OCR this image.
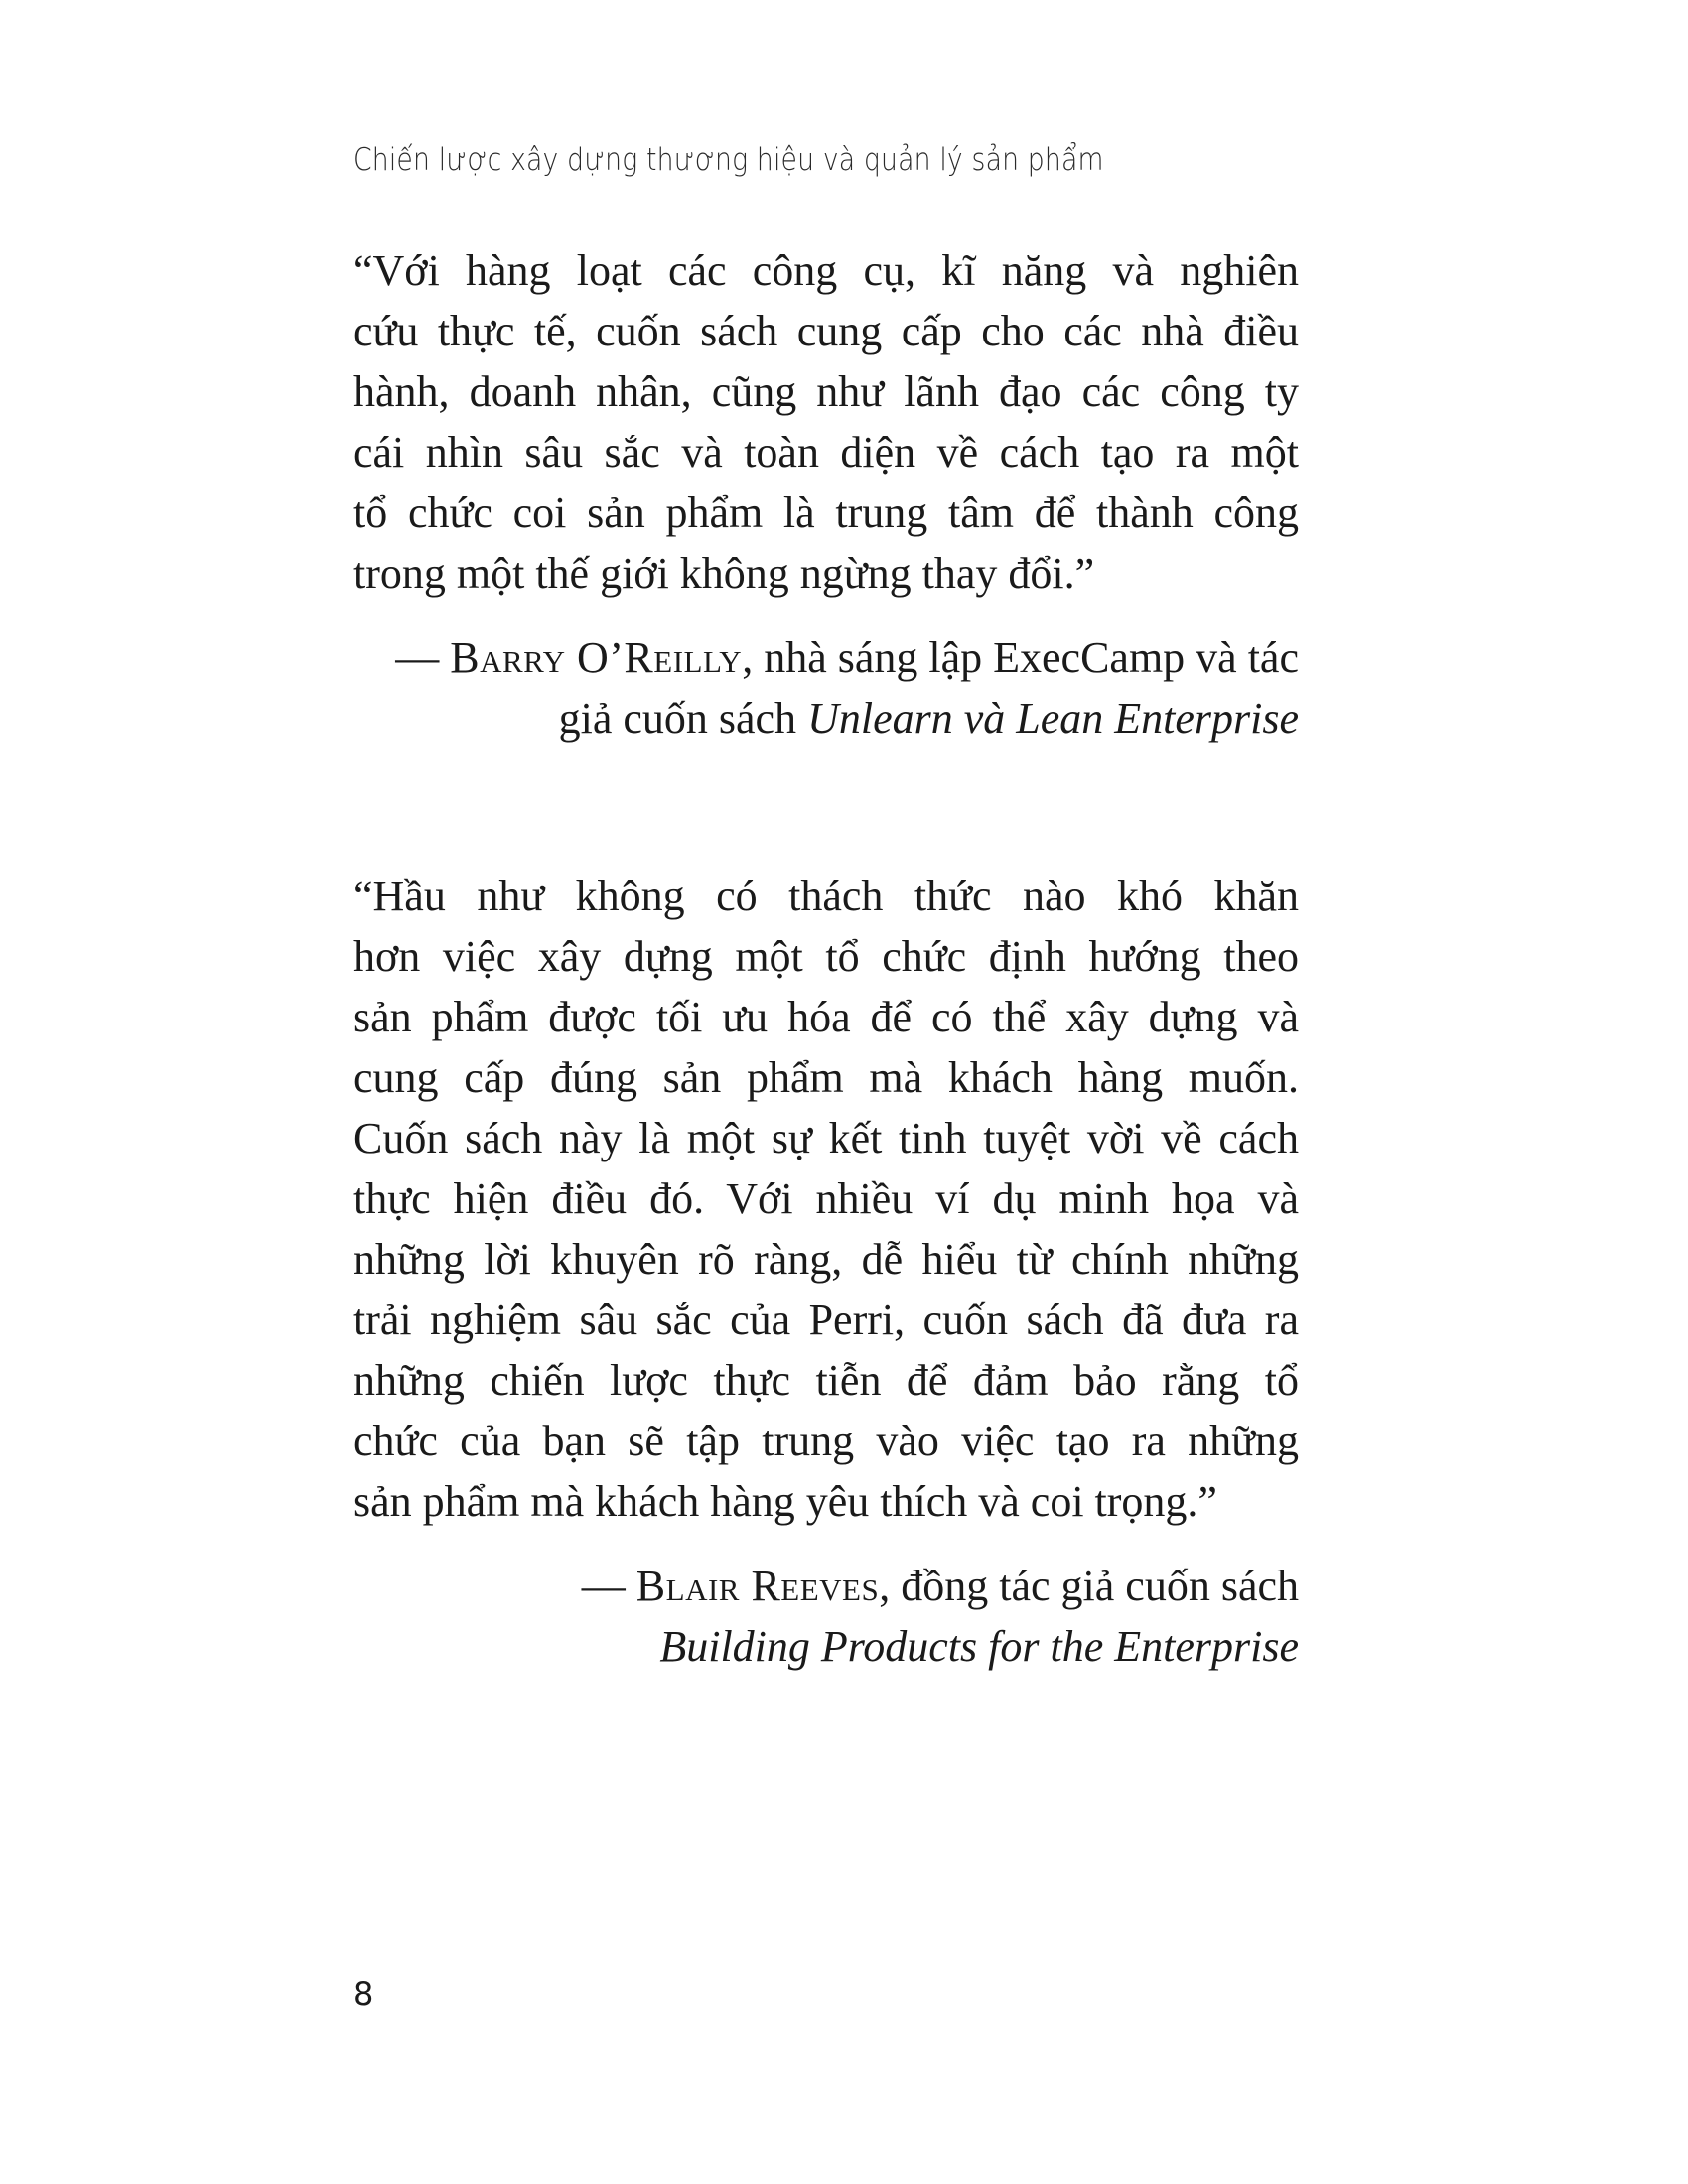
Chiến lược xây dựng thương hiệu và quản lý sản phẩm
“Với hàng loạt các công cụ, kĩ năng và nghiên
cứu thực tế, cuốn sách cung cấp cho các nhà điều
hành, doanh nhân, cũng như lãnh đạo các công ty
cái nhìn sâu sắc và toàn diện về cách tạo ra một
tổ chức coi sản phẩm là trung tâm để thành công
trong một thế giới không ngừng thay đổi.”
— Barry O’Reilly, nhà sáng lập ExecCamp và tác
giả cuốn sách Unlearn và Lean Enterprise
“Hầu như không có thách thức nào khó khăn
hơn việc xây dựng một tổ chức định hướng theo
sản phẩm được tối ưu hóa để có thể xây dựng và
cung cấp đúng sản phẩm mà khách hàng muốn.
Cuốn sách này là một sự kết tinh tuyệt vời về cách
thực hiện điều đó. Với nhiều ví dụ minh họa và
những lời khuyên rõ ràng, dễ hiểu từ chính những
trải nghiệm sâu sắc của Perri, cuốn sách đã đưa ra
những chiến lược thực tiễn để đảm bảo rằng tổ
chức của bạn sẽ tập trung vào việc tạo ra những
sản phẩm mà khách hàng yêu thích và coi trọng.”
— Blair Reeves, đồng tác giả cuốn sách
Building Products for the Enterprise
8
